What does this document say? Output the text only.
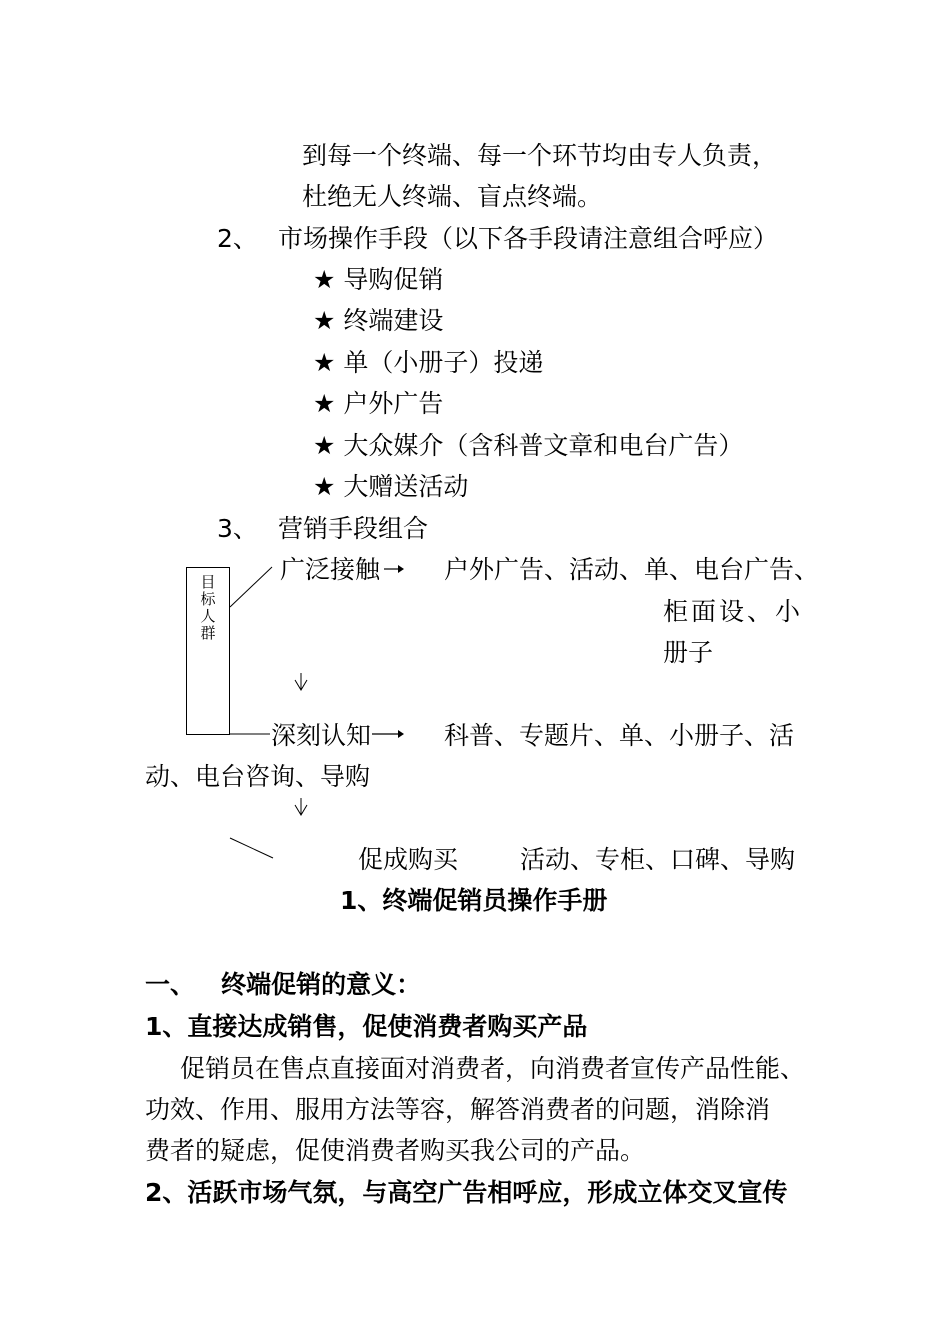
到每一个终端、每一个环节均由专人负责，
杜绝无人终端、盲点终端。
2、 市场操作手段（以下各手段请注意组合呼应）
★ 导购促销
★ 终端建设
★ 单（小册子）投递
★ 户外广告
★ 大众媒介（含科普文章和电台广告）
★ 大赠送活动
3、 营销手段组合
目标人群
广泛接触	户外广告、活动、单、电台广告、
柜面设、小
册子
深刻认知	科普、专题片、单、小册子、活
动、电台咨询、导购
促成购买 活动、专柜、口碑、导购
1、终端促销员操作手册
一、   终端促销的意义：
1、直接达成销售，促使消费者购买产品
促销员在售点直接面对消费者，向消费者宣传产品性能、
功效、作用、服用方法等容，解答消费者的问题，消除消
费者的疑虑，促使消费者购买我公司的产品。
2、活跃市场气氛，与高空广告相呼应，形成立体交叉宣传
